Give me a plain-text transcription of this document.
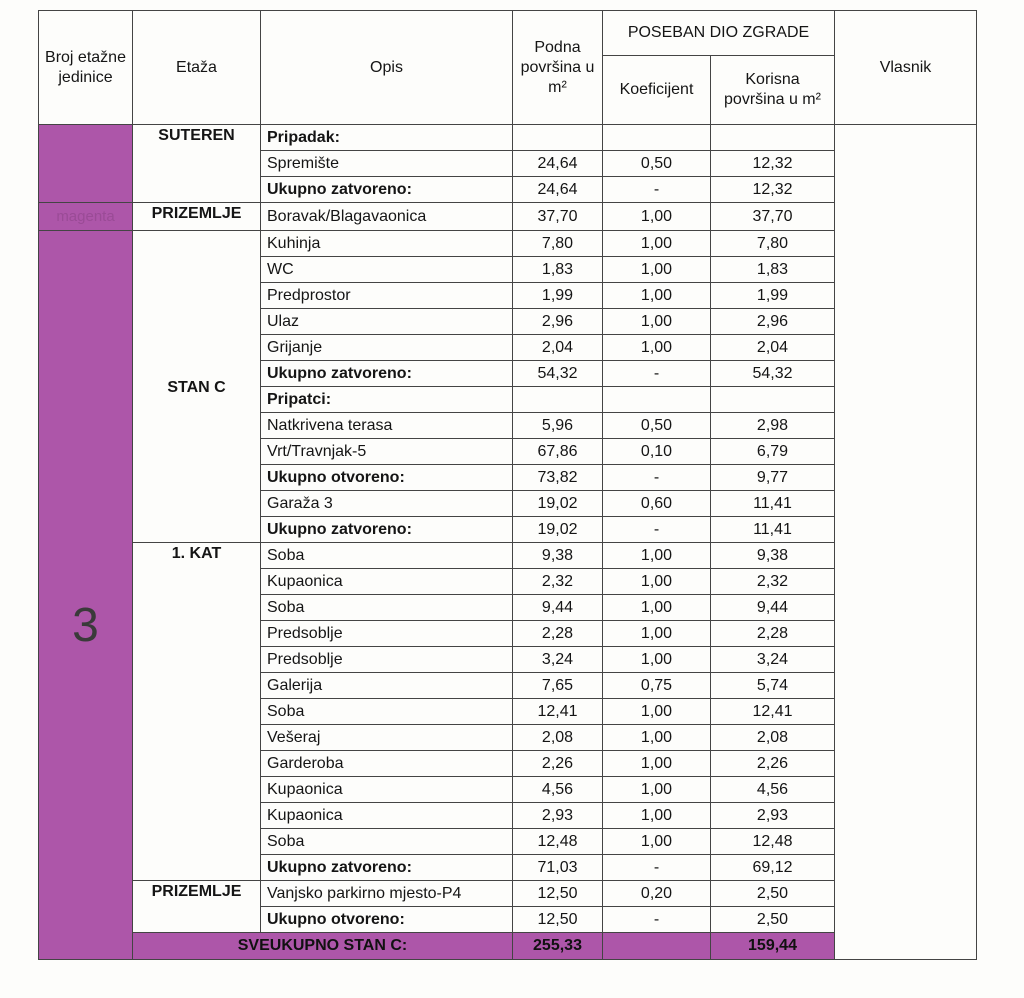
Broj etažne jedinice	Etaža	Opis	Podna površina u m²	POSEBAN DIO ZGRADE		Vlasnik
				Koeficijent	Korisna površina u m²	
	SUTEREN	Pripadak:				
		Spremište	24,64	0,50	12,32	
		Ukupno zatvoreno:	24,64	-	12,32	
magenta	PRIZEMLJE	Boravak/Blagavaonica	37,70	1,00	37,70	
3	STAN C	Kuhinja	7,80	1,00	7,80	
		WC	1,83	1,00	1,83	
		Predprostor	1,99	1,00	1,99	
		Ulaz	2,96	1,00	2,96	
		Grijanje	2,04	1,00	2,04	
		Ukupno zatvoreno:	54,32	-	54,32	
		Pripatci:				
		Natkrivena terasa	5,96	0,50	2,98	
		Vrt/Travnjak-5	67,86	0,10	6,79	
		Ukupno otvoreno:	73,82	-	9,77	
		Garaža 3	19,02	0,60	11,41	
		Ukupno zatvoreno:	19,02	-	11,41	
	1. KAT	Soba	9,38	1,00	9,38	
		Kupaonica	2,32	1,00	2,32	
		Soba	9,44	1,00	9,44	
		Predsoblje	2,28	1,00	2,28	
		Predsoblje	3,24	1,00	3,24	
		Galerija	7,65	0,75	5,74	
		Soba	12,41	1,00	12,41	
		Vešeraj	2,08	1,00	2,08	
		Garderoba	2,26	1,00	2,26	
		Kupaonica	4,56	1,00	4,56	
		Kupaonica	2,93	1,00	2,93	
		Soba	12,48	1,00	12,48	
		Ukupno zatvoreno:	71,03	-	69,12	
	PRIZEMLJE	Vanjsko parkirno mjesto-P4	12,50	0,20	2,50	
		Ukupno otvoreno:	12,50	-	2,50	
	SVEUKUPNO STAN C:		255,33		159,44	
